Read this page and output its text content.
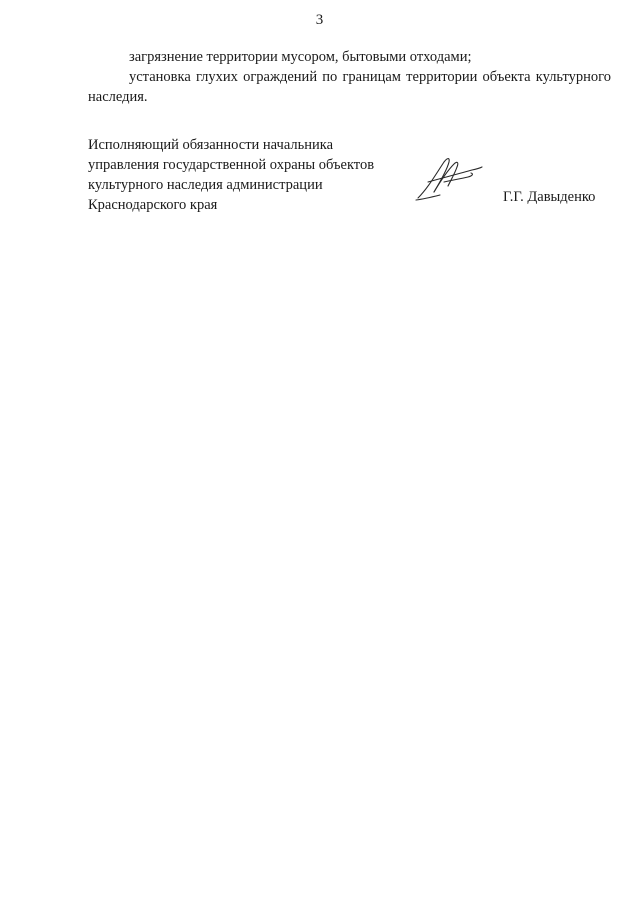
3

загрязнение территории мусором, бытовыми отходами;

установка глухих ограждений по границам территории объекта культурного наследия.

Исполняющий обязанности начальника
управления государственной охраны объектов
культурного наследия администрации
Краснодарского края	Г.Г. Давыденко
